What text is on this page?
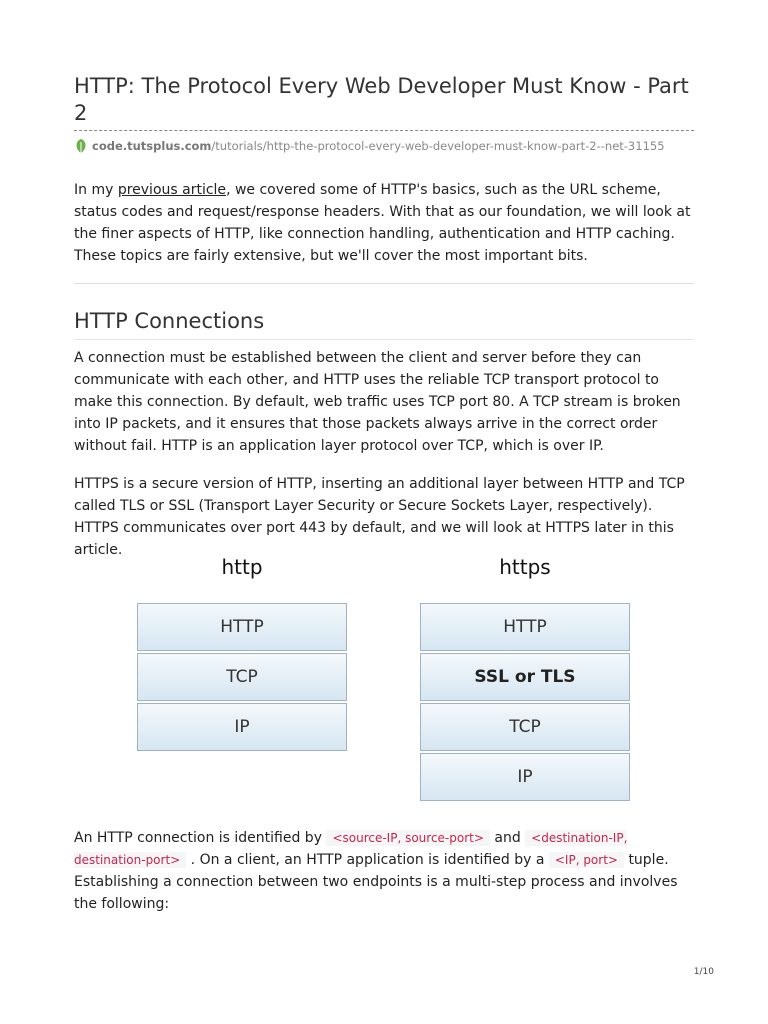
HTTP: The Protocol Every Web Developer Must Know - Part 2
code.tutsplus.com/tutorials/http-the-protocol-every-web-developer-must-know-part-2--net-31155

In my previous article, we covered some of HTTP's basics, such as the URL scheme, status codes and request/response headers. With that as our foundation, we will look at the finer aspects of HTTP, like connection handling, authentication and HTTP caching. These topics are fairly extensive, but we'll cover the most important bits.

HTTP Connections

A connection must be established between the client and server before they can communicate with each other, and HTTP uses the reliable TCP transport protocol to make this connection. By default, web traffic uses TCP port 80. A TCP stream is broken into IP packets, and it ensures that those packets always arrive in the correct order without fail. HTTP is an application layer protocol over TCP, which is over IP.

HTTPS is a secure version of HTTP, inserting an additional layer between HTTP and TCP called TLS or SSL (Transport Layer Security or Secure Sockets Layer, respectively). HTTPS communicates over port 443 by default, and we will look at HTTPS later in this article.

http
HTTP
TCP
IP
https
HTTP
SSL or TLS
TCP
IP

An HTTP connection is identified by <source-IP, source-port> and <destination-IP, destination-port> . On a client, an HTTP application is identified by a <IP, port> tuple. Establishing a connection between two endpoints is a multi-step process and involves the following:

1/10
